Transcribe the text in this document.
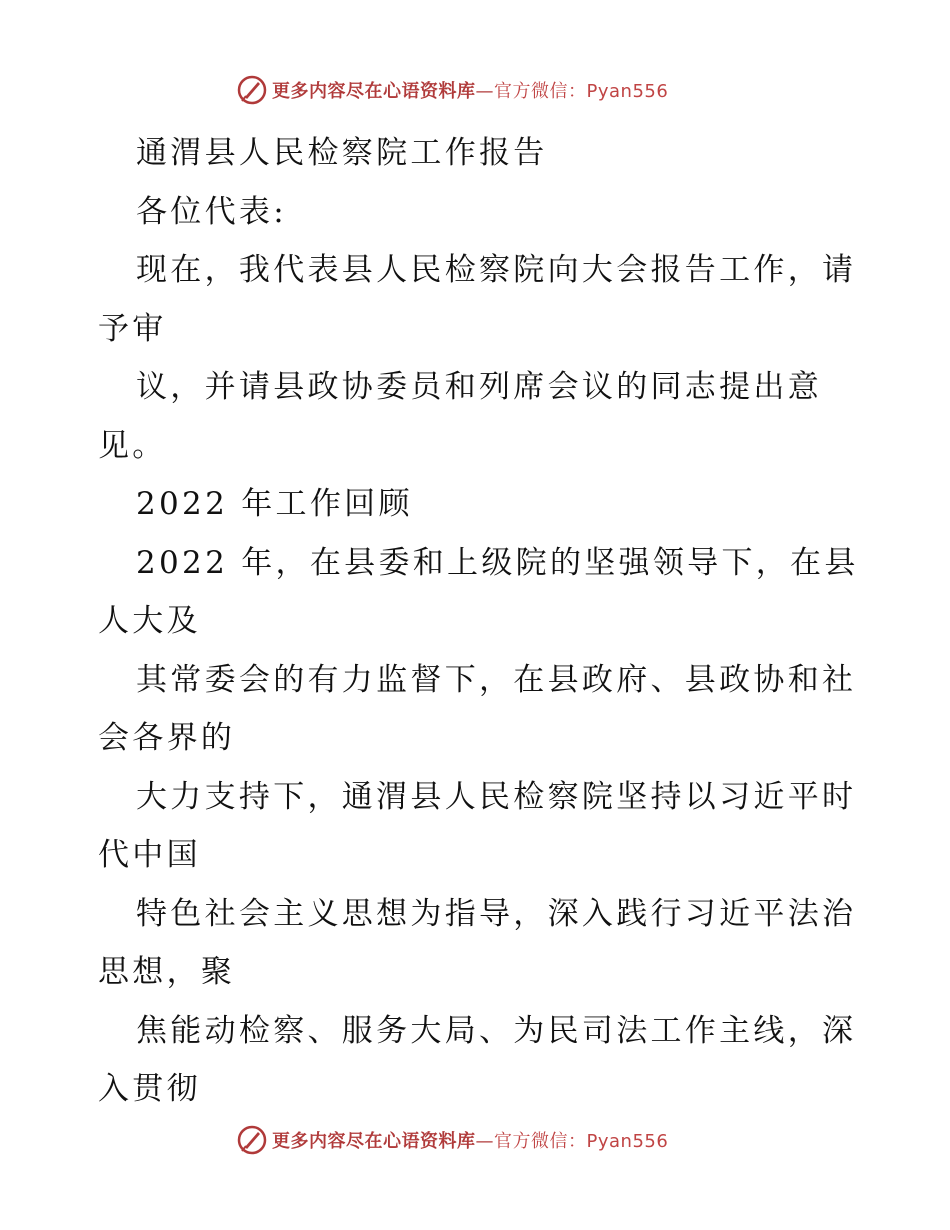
更多内容尽在心语资料库—官方微信：Pyan556
通渭县人民检察院工作报告
各位代表:
现在，我代表县人民检察院向大会报告工作，请
予审
议，并请县政协委员和列席会议的同志提出意
见。
2022 年工作回顾
2022 年，在县委和上级院的坚强领导下，在县
人大及
其常委会的有力监督下，在县政府、县政协和社
会各界的
大力支持下，通渭县人民检察院坚持以习近平时
代中国
特色社会主义思想为指导，深入践行习近平法治
思想，聚
焦能动检察、服务大局、为民司法工作主线，深
入贯彻
更多内容尽在心语资料库—官方微信：Pyan556
